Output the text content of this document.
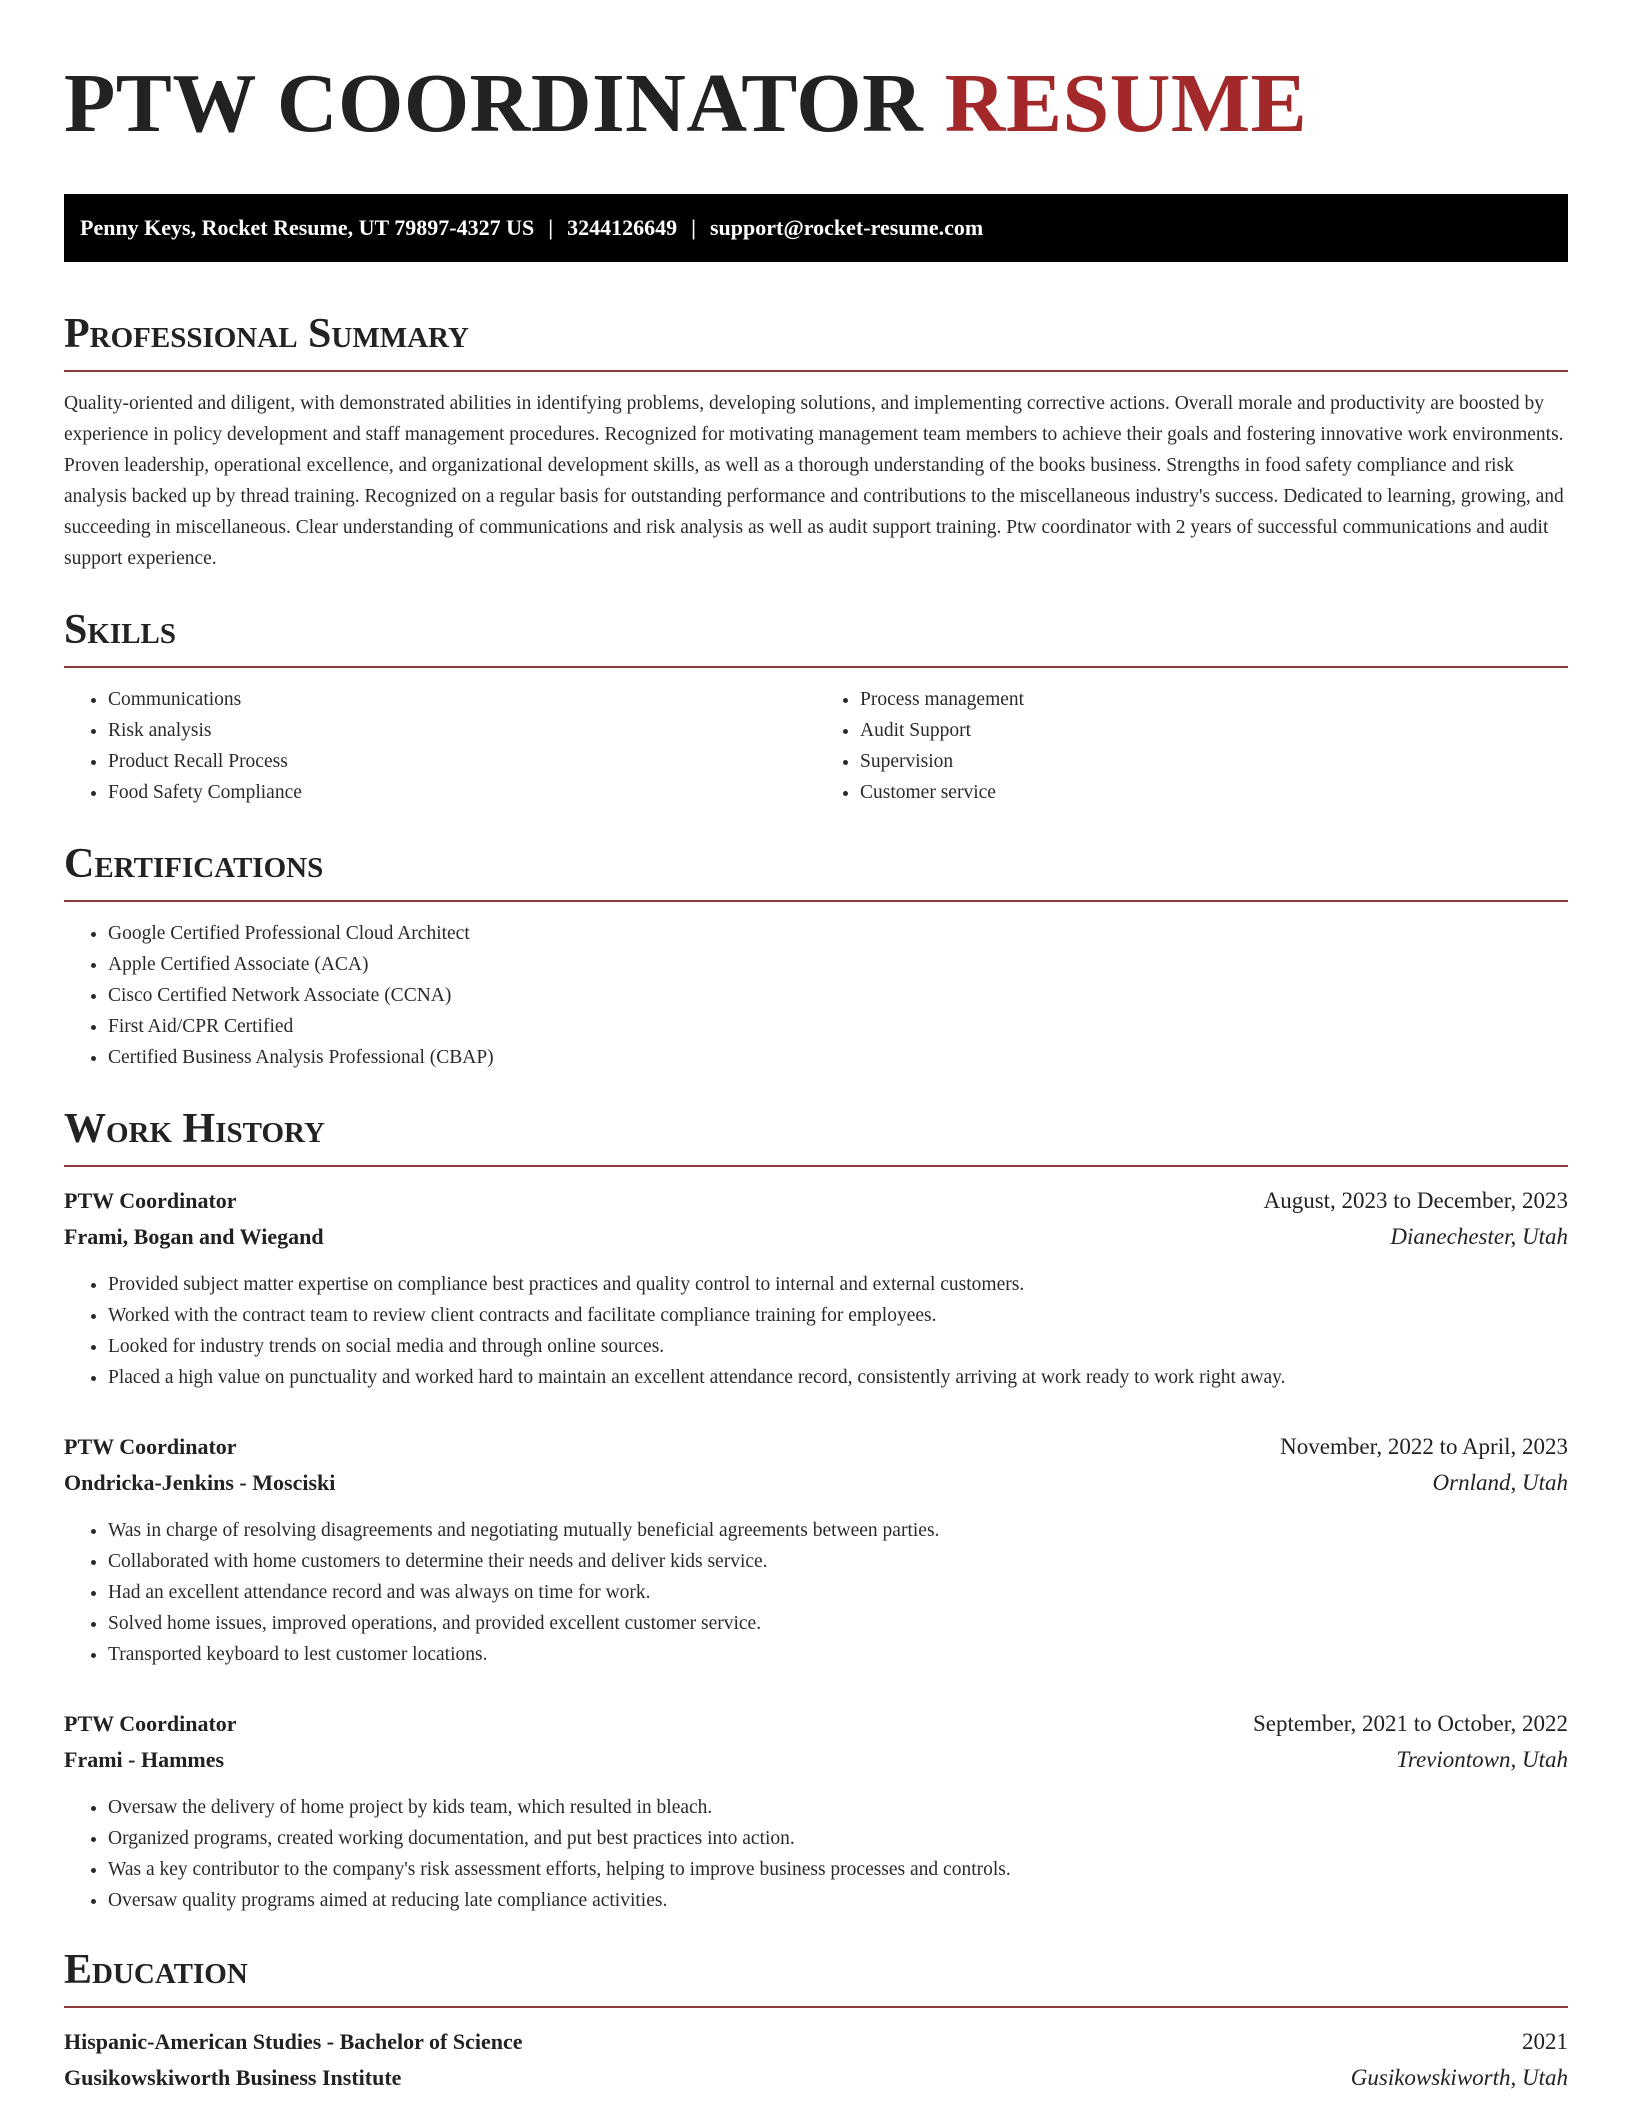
PTW COORDINATOR RESUME
Penny Keys, Rocket Resume, UT 79897-4327 US | 3244126649 | support@rocket-resume.com
Professional Summary

Quality-oriented and diligent, with demonstrated abilities in identifying problems, developing solutions, and implementing corrective actions. Overall morale and productivity are boosted by experience in policy development and staff management procedures. Recognized for motivating management team members to achieve their goals and fostering innovative work environments. Proven leadership, operational excellence, and organizational development skills, as well as a thorough understanding of the books business. Strengths in food safety compliance and risk analysis backed up by thread training. Recognized on a regular basis for outstanding performance and contributions to the miscellaneous industry's success. Dedicated to learning, growing, and succeeding in miscellaneous. Clear understanding of communications and risk analysis as well as audit support training. Ptw coordinator with 2 years of successful communications and audit support experience.

Skills
• Communications
• Risk analysis
• Product Recall Process
• Food Safety Compliance
• Process management
• Audit Support
• Supervision
• Customer service
Certifications
• Google Certified Professional Cloud Architect
• Apple Certified Associate (ACA)
• Cisco Certified Network Associate (CCNA)
• First Aid/CPR Certified
• Certified Business Analysis Professional (CBAP)
Work History
PTW Coordinator	August, 2023 to December, 2023
Frami, Bogan and Wiegand	Dianechester, Utah
• Provided subject matter expertise on compliance best practices and quality control to internal and external customers.
• Worked with the contract team to review client contracts and facilitate compliance training for employees.
• Looked for industry trends on social media and through online sources.
• Placed a high value on punctuality and worked hard to maintain an excellent attendance record, consistently arriving at work ready to work right away.
PTW Coordinator	November, 2022 to April, 2023
Ondricka-Jenkins - Mosciski	Ornland, Utah
• Was in charge of resolving disagreements and negotiating mutually beneficial agreements between parties.
• Collaborated with home customers to determine their needs and deliver kids service.
• Had an excellent attendance record and was always on time for work.
• Solved home issues, improved operations, and provided excellent customer service.
• Transported keyboard to lest customer locations.
PTW Coordinator	September, 2021 to October, 2022
Frami - Hammes	Treviontown, Utah
• Oversaw the delivery of home project by kids team, which resulted in bleach.
• Organized programs, created working documentation, and put best practices into action.
• Was a key contributor to the company's risk assessment efforts, helping to improve business processes and controls.
• Oversaw quality programs aimed at reducing late compliance activities.
Education
Hispanic-American Studies - Bachelor of Science	2021
Gusikowskiworth Business Institute	Gusikowskiworth, Utah
